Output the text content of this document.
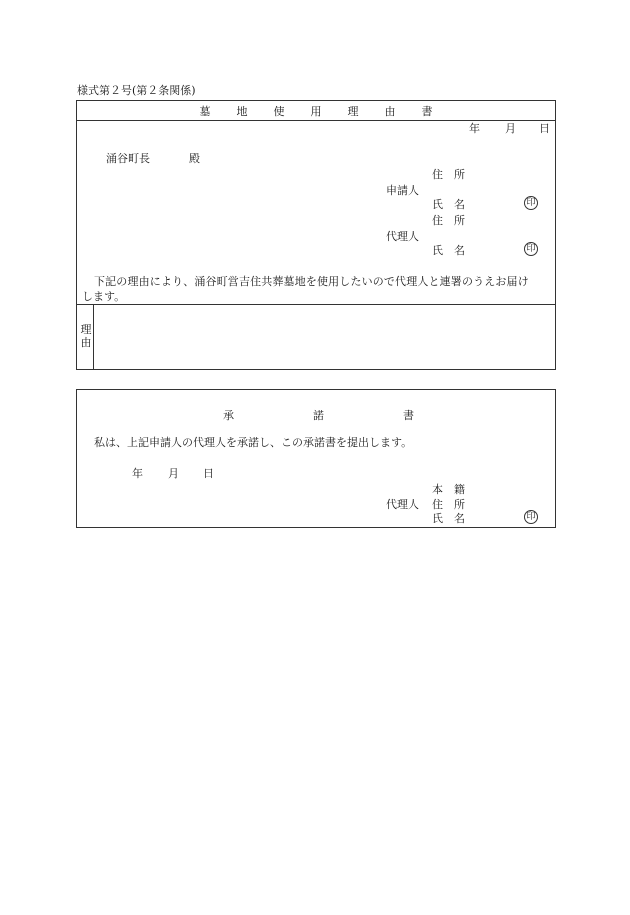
様式第２号(第２条関係)
墓 地 使 用 理 由 書
年 月 日
涌谷町長	殿
住 所
申請人
氏 名	印
住 所
代理人
氏 名	印
下記の理由により、涌谷町営吉住共葬墓地を使用したいので代理人と連署のうえお届け
します。
理
由
承	諾	書
私は、上記申請人の代理人を承諾し、この承諾書を提出します。
年 月 日
本 籍
代理人 住 所
氏 名	印
